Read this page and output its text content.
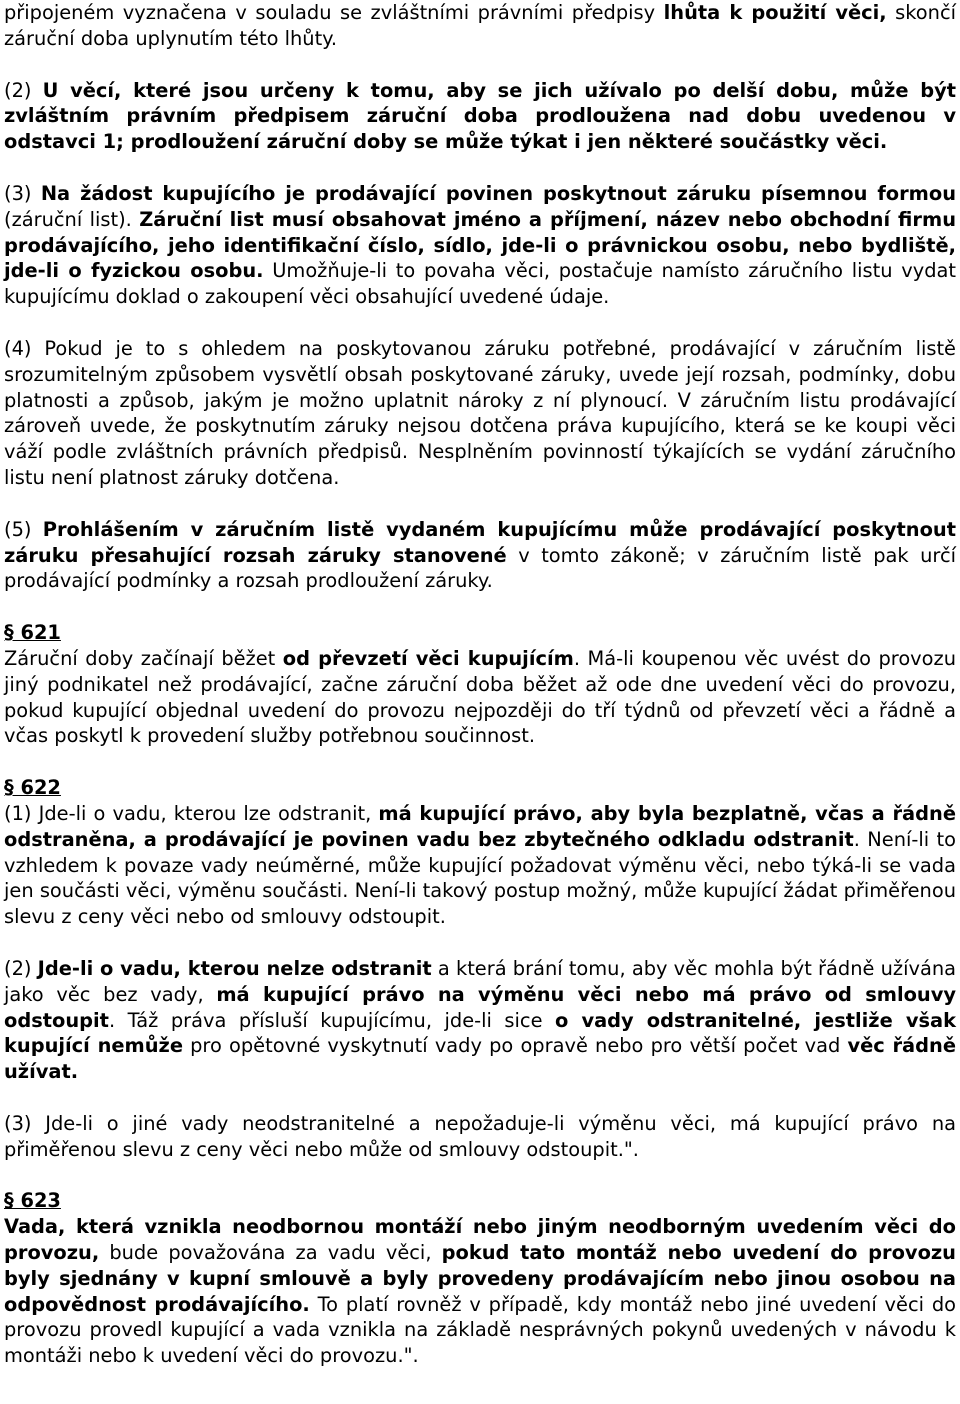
připojeném vyznačena v souladu se zvláštními právními předpisy lhůta k použití věci, skončí záruční doba uplynutím této lhůty.

(2) U věcí, které jsou určeny k tomu, aby se jich užívalo po delší dobu, může být zvláštním právním předpisem záruční doba prodloužena nad dobu uvedenou v odstavci 1; prodloužení záruční doby se může týkat i jen některé součástky věci.

(3) Na žádost kupujícího je prodávající povinen poskytnout záruku písemnou formou (záruční list). Záruční list musí obsahovat jméno a příjmení, název nebo obchodní firmu prodávajícího, jeho identifikační číslo, sídlo, jde-li o právnickou osobu, nebo bydliště, jde-li o fyzickou osobu. Umožňuje-li to povaha věci, postačuje namísto záručního listu vydat kupujícímu doklad o zakoupení věci obsahující uvedené údaje.

(4) Pokud je to s ohledem na poskytovanou záruku potřebné, prodávající v záručním listě srozumitelným způsobem vysvětlí obsah poskytované záruky, uvede její rozsah, podmínky, dobu platnosti a způsob, jakým je možno uplatnit nároky z ní plynoucí. V záručním listu prodávající zároveň uvede, že poskytnutím záruky nejsou dotčena práva kupujícího, která se ke koupi věci váží podle zvláštních právních předpisů. Nesplněním povinností týkajících se vydání záručního listu není platnost záruky dotčena.

(5) Prohlášením v záručním listě vydaném kupujícímu může prodávající poskytnout záruku přesahující rozsah záruky stanovené v tomto zákoně; v záručním listě pak určí prodávající podmínky a rozsah prodloužení záruky.

§ 621

Záruční doby začínají běžet od převzetí věci kupujícím. Má-li koupenou věc uvést do provozu jiný podnikatel než prodávající, začne záruční doba běžet až ode dne uvedení věci do provozu, pokud kupující objednal uvedení do provozu nejpozději do tří týdnů od převzetí věci a řádně a včas poskytl k provedení služby potřebnou součinnost.

§ 622

(1) Jde-li o vadu, kterou lze odstranit, má kupující právo, aby byla bezplatně, včas a řádně odstraněna, a prodávající je povinen vadu bez zbytečného odkladu odstranit. Není-li to vzhledem k povaze vady neúměrné, může kupující požadovat výměnu věci, nebo týká-li se vada jen součásti věci, výměnu součásti. Není-li takový postup možný, může kupující žádat přiměřenou slevu z ceny věci nebo od smlouvy odstoupit.

(2) Jde-li o vadu, kterou nelze odstranit a která brání tomu, aby věc mohla být řádně užívána jako věc bez vady, má kupující právo na výměnu věci nebo má právo od smlouvy odstoupit. Táž práva přísluší kupujícímu, jde-li sice o vady odstranitelné, jestliže však kupující nemůže pro opětovné vyskytnutí vady po opravě nebo pro větší počet vad věc řádně užívat.

(3) Jde-li o jiné vady neodstranitelné a nepožaduje-li výměnu věci, má kupující právo na přiměřenou slevu z ceny věci nebo může od smlouvy odstoupit.".

§ 623

Vada, která vznikla neodbornou montáží nebo jiným neodborným uvedením věci do provozu, bude považována za vadu věci, pokud tato montáž nebo uvedení do provozu byly sjednány v kupní smlouvě a byly provedeny prodávajícím nebo jinou osobou na odpovědnost prodávajícího. To platí rovněž v případě, kdy montáž nebo jiné uvedení věci do provozu provedl kupující a vada vznikla na základě nesprávných pokynů uvedených v návodu k montáži nebo k uvedení věci do provozu.".
